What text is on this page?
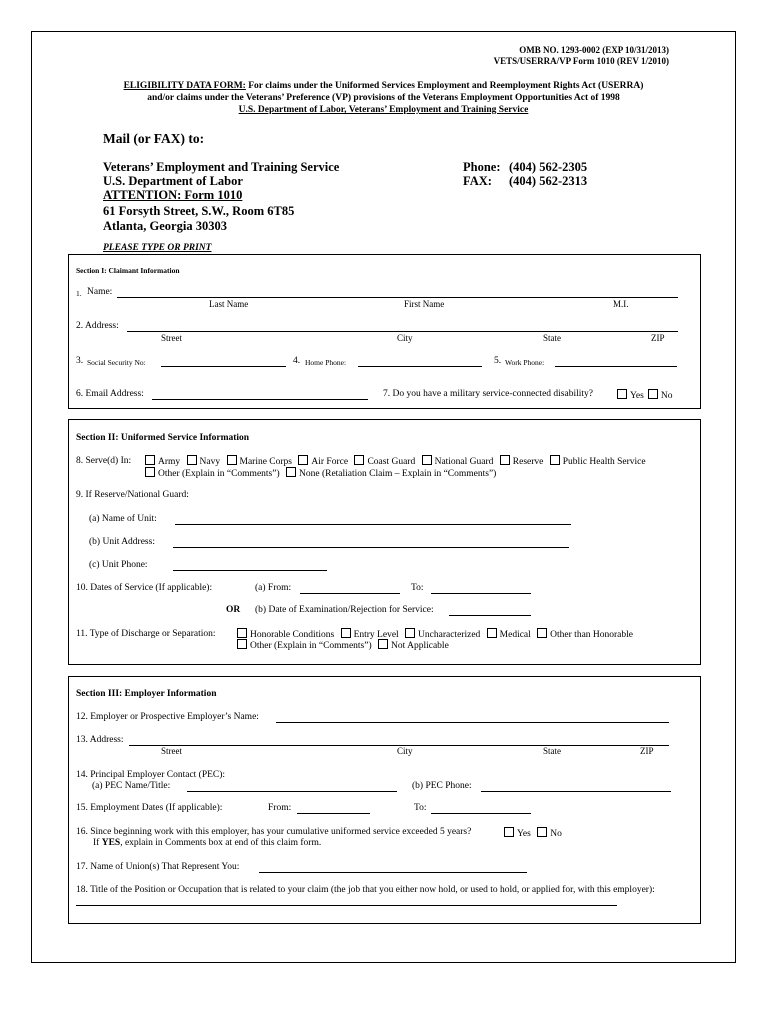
OMB NO. 1293-0002 (EXP 10/31/2013)
VETS/USERRA/VP Form 1010 (REV 1/2010)
ELIGIBILITY DATA FORM: For claims under the Uniformed Services Employment and Reemployment Rights Act (USERRA)
and/or claims under the Veterans’ Preference (VP) provisions of the Veterans Employment Opportunities Act of 1998
U.S. Department of Labor, Veterans’ Employment and Training Service
Mail (or FAX) to:
Veterans’ Employment and Training Service
U.S. Department of Labor
ATTENTION: Form 1010
61 Forsyth Street, S.W., Room 6T85
Atlanta, Georgia 30303
Phone: (404) 562-2305
FAX: (404) 562-2313
PLEASE TYPE OR PRINT
Section I: Claimant Information
1. Name:
Last Name	First Name	M.I.
2. Address:
Street	City	State	ZIP
3. Social Security No:	4. Home Phone:	5. Work Phone:
6. Email Address:	7. Do you have a military service-connected disability?	Yes No
Section II: Uniformed Service Information
8. Serve(d) In:	Army Navy Marine Corps Air Force Coast Guard National Guard Reserve Public Health Service
Other (Explain in “Comments”) None (Retaliation Claim – Explain in “Comments”)
9. If Reserve/National Guard:
(a) Name of Unit:
(b) Unit Address:
(c) Unit Phone:
10. Dates of Service (If applicable):	(a) From:	To:
OR (b) Date of Examination/Rejection for Service:
11. Type of Discharge or Separation:	Honorable Conditions Entry Level Uncharacterized Medical Other than Honorable
Other (Explain in “Comments”) Not Applicable
Section III: Employer Information
12. Employer or Prospective Employer’s Name:
13. Address:
Street	City	State	ZIP
14. Principal Employer Contact (PEC):
(a) PEC Name/Title:	(b) PEC Phone:
15. Employment Dates (If applicable):	From:	To:
16. Since beginning work with this employer, has your cumulative uniformed service exceeded 5 years?	Yes No
If YES, explain in Comments box at end of this claim form.
17. Name of Union(s) That Represent You:
18. Title of the Position or Occupation that is related to your claim (the job that you either now hold, or used to hold, or applied for, with this employer):
